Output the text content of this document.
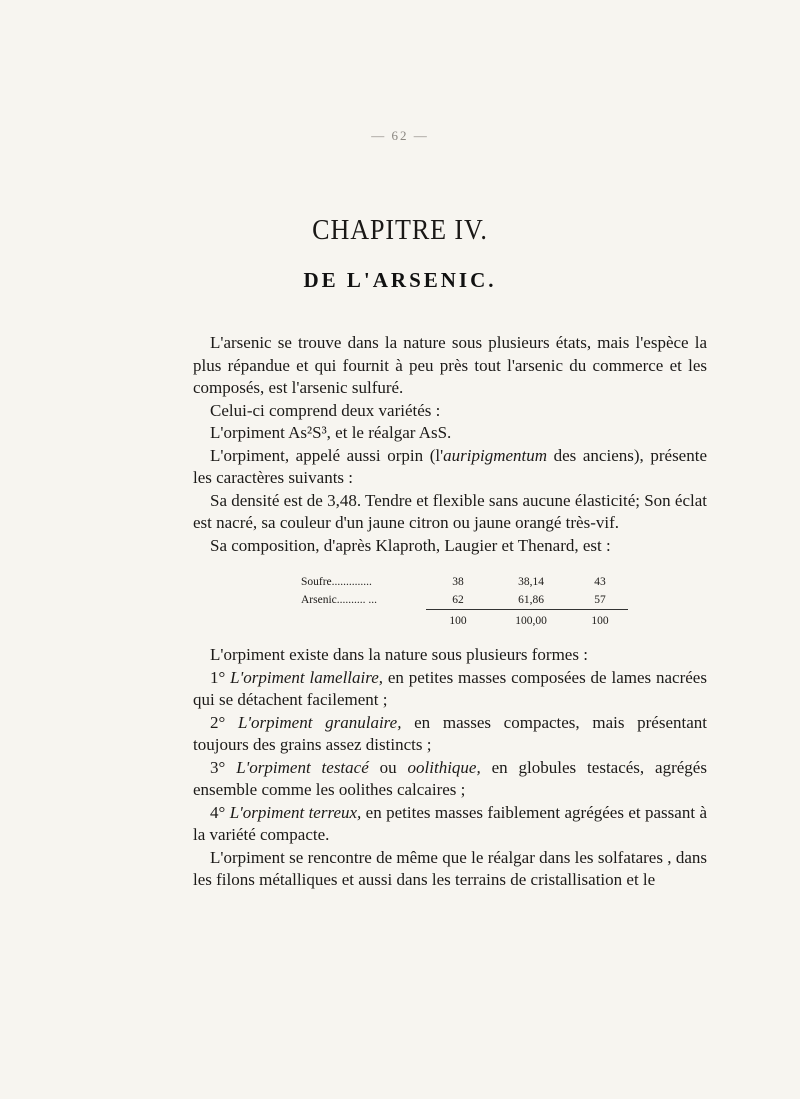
— 62 —
CHAPITRE IV.
DE L'ARSENIC.

L'arsenic se trouve dans la nature sous plusieurs états, mais l'espèce la plus répandue et qui fournit à peu près tout l'arsenic du commerce et les composés, est l'arsenic sulfuré.

Celui-ci comprend deux variétés :

L'orpiment As²S³, et le réalgar AsS.

L'orpiment, appelé aussi orpin (l'auripigmentum des anciens), présente les caractères suivants :

Sa densité est de 3,48. Tendre et flexible sans aucune élasticité; Son éclat est nacré, sa couleur d'un jaune citron ou jaune orangé très-vif.

Sa composition, d'après Klaproth, Laugier et Thenard, est :

Soufre..............	38	38,14	43
Arsenic.......... ...	62	61,86	57
	100	100,00	100

L'orpiment existe dans la nature sous plusieurs formes :

1° L'orpiment lamellaire, en petites masses composées de lames nacrées qui se détachent facilement ;

2° L'orpiment granulaire, en masses compactes, mais présentant toujours des grains assez distincts ;

3° L'orpiment testacé ou oolithique, en globules testacés, agrégés ensemble comme les oolithes calcaires ;

4° L'orpiment terreux, en petites masses faiblement agrégées et passant à la variété compacte.

L'orpiment se rencontre de même que le réalgar dans les solfatares , dans les filons métalliques et aussi dans les terrains de cristallisation et le
